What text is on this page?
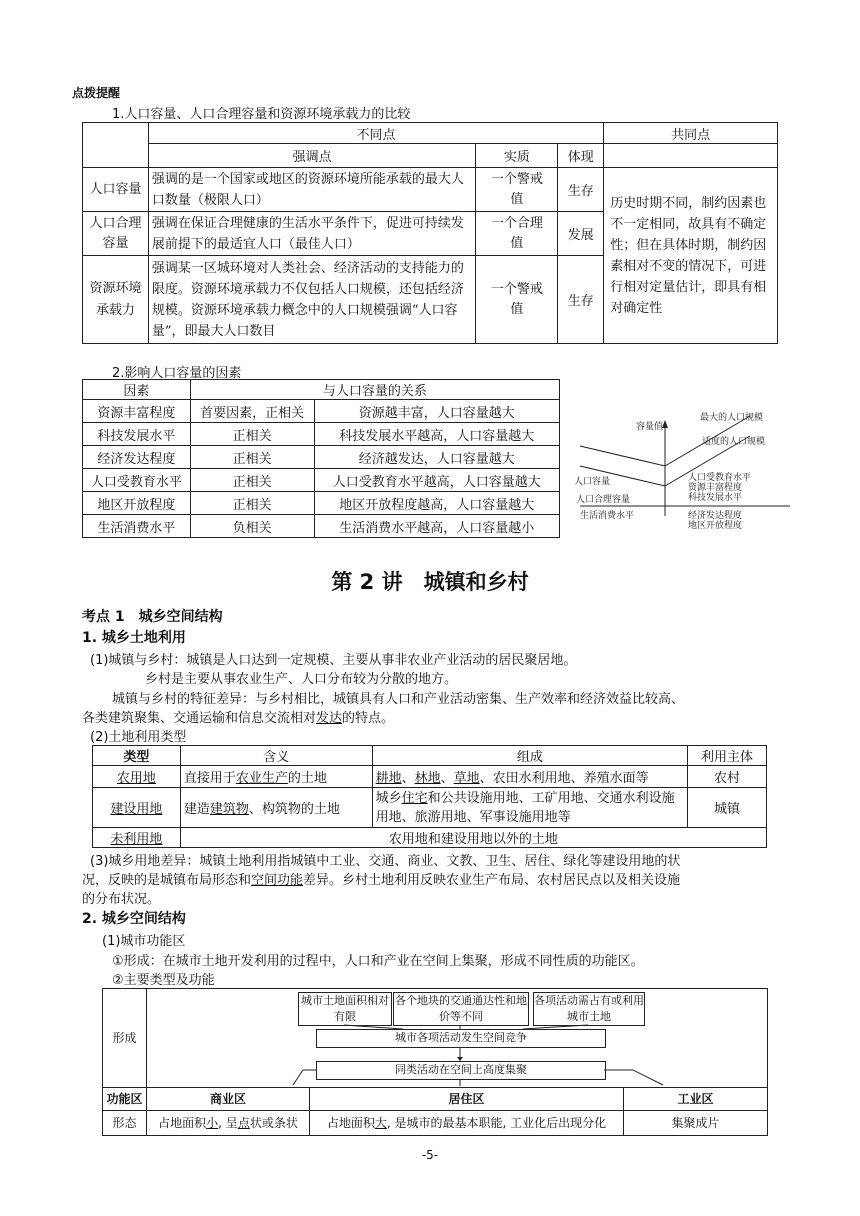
点拨提醒
1.人口容量、人口合理容量和资源环境承载力的比较
	不同点			共同点
	强调点	实质	体现	
人口容量	强调的是一个国家或地区的资源环境所能承载的最大人口数量（极限人口）	一个警戒值	生存	历史时期不同，制约因素也不一定相同，故具有不确定性；但在具体时期，制约因素相对不变的情况下，可进行相对定量估计，即具有相对确定性
人口合理容量	强调在保证合理健康的生活水平条件下，促进可持续发展前提下的最适宜人口（最佳人口）	一个合理值	发展	
资源环境承载力	强调某一区城环境对人类社会、经济活动的支持能力的限度。资源环境承载力不仅包括人口规模，还包括经济规模。资源环境承载力概念中的人口规模强调“人口容量”，即最大人口数目	一个警戒值	生存	
2.影响人口容量的因素
因素	与人口容量的关系	
资源丰富程度	首要因素，正相关	资源越丰富，人口容量越大
科技发展水平	正相关	科技发展水平越高，人口容量越大
经济发达程度	正相关	经济越发达，人口容量越大
人口受教育水平	正相关	人口受教育水平越高，人口容量越大
地区开放程度	正相关	地区开放程度越高，人口容量越大
生活消费水平	负相关	生活消费水平越高，人口容量越小
容量值
最大的人口规模
适度的人口规模
人口容量
人口合理容量
生活消费水平
人口受教育水平
资源丰富程度
科技发展水平
经济发达程度
地区开放程度
第 2 讲　城镇和乡村
考点 1　城乡空间结构
1. 城乡土地利用
(1)城镇与乡村：城镇是人口达到一定规模、主要从事非农业产业活动的居民聚居地。
乡村是主要从事农业生产、人口分布较为分散的地方。
城镇与乡村的特征差异：与乡村相比，城镇具有人口和产业活动密集、生产效率和经济效益比较高、
各类建筑聚集、交通运输和信息交流相对发达的特点。
(2)土地利用类型
类型	含义	组成	利用主体
农用地	直接用于农业生产的土地	耕地、林地、草地、农田水利用地、养殖水面等	农村
建设用地	建造建筑物、构筑物的土地	城乡住宅和公共设施用地、工矿用地、交通水利设施用地、旅游用地、军事设施用地等	城镇
未利用地	农用地和建设用地以外的土地		
(3)城乡用地差异：城镇土地利用指城镇中工业、交通、商业、文教、卫生、居住、绿化等建设用地的状
况，反映的是城镇布局形态和空间功能差异。乡村土地利用反映农业生产布局、农村居民点以及相关设施
的分布状况。
2. 城乡空间结构
(1)城市功能区
①形成：在城市土地开发利用的过程中，人口和产业在空间上集聚，形成不同性质的功能区。
②主要类型及功能
形成
城市土地面积相对有限
各个地块的交通通达性和地价等不同
各项活动需占有或利用城市土地
城市各项活动发生空间竞争
同类活动在空间上高度集聚
功能区	商业区	居住区	工业区
形态	占地面积小, 呈点状或条状	占地面积大, 是城市的最基本职能, 工业化后出现分化	集聚成片
-5-
